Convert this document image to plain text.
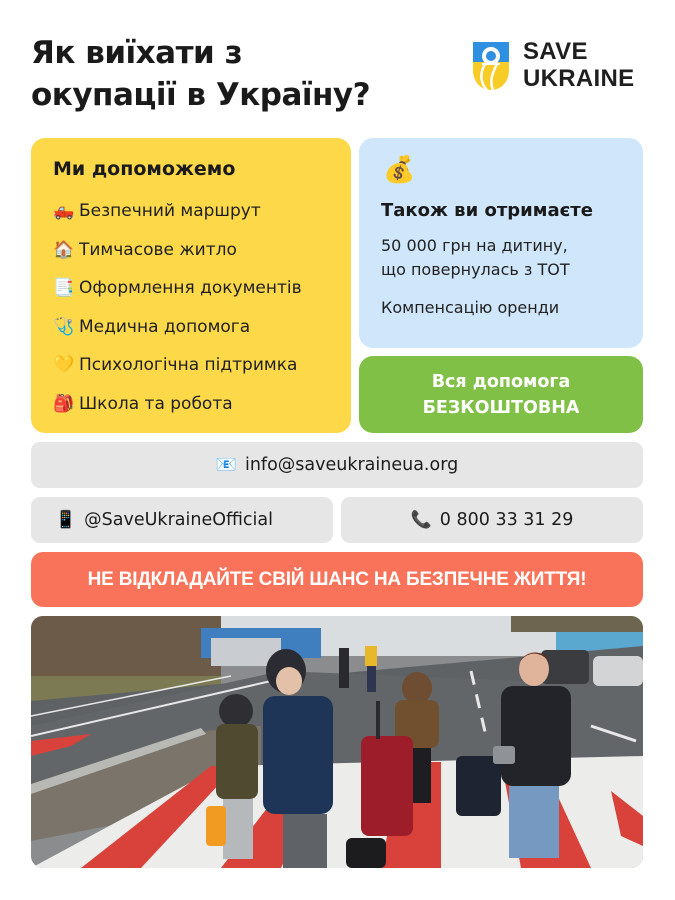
Як виїхати з
окупації в Україну?
SAVE
UKRAINE
Ми допоможемо
🛻 Безпечний маршрут
🏠 Тимчасове житло
📑 Оформлення документів
🩺 Медична допомога
💛 Психологічна підтримка
🎒 Школа та робота
💰
Також ви отримаєте

50 000 грн на дитину,
що повернулась з ТОТ

Компенсацію оренди

Вся допомога
БЕЗКОШТОВНА
📧 info@saveukraineua.org
📱 @SaveUkraineOfficial	📞 0 800 33 31 29
НЕ ВІДКЛАДАЙТЕ СВІЙ ШАНС НА БЕЗПЕЧНЕ ЖИТТЯ!
